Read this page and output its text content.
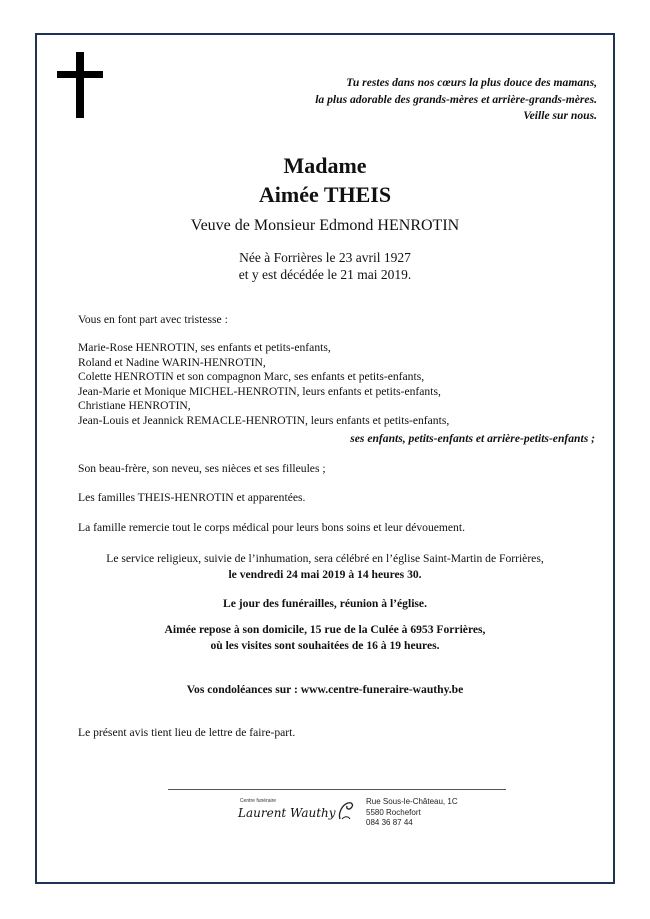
Tu restes dans nos cœurs la plus douce des mamans,
la plus adorable des grands-mères et arrière-grands-mères.
Veille sur nous.
Madame
Aimée THEIS
Veuve de Monsieur Edmond HENROTIN
Née à Forrières le 23 avril 1927
et y est décédée le 21 mai 2019.
Vous en font part avec tristesse :
Marie-Rose HENROTIN, ses enfants et petits-enfants,
Roland et Nadine WARIN-HENROTIN,
Colette HENROTIN et son compagnon Marc, ses enfants et petits-enfants,
Jean-Marie et Monique MICHEL-HENROTIN, leurs enfants et petits-enfants,
Christiane HENROTIN,
Jean-Louis et Jeannick REMACLE-HENROTIN, leurs enfants et petits-enfants,
ses enfants, petits-enfants et arrière-petits-enfants ;
Son beau-frère, son neveu, ses nièces et ses filleules ;
Les familles THEIS-HENROTIN et apparentées.
La famille remercie tout le corps médical pour leurs bons soins et leur dévouement.
Le service religieux, suivie de l’inhumation, sera célébré en l’église Saint-Martin de Forrières,
le vendredi 24 mai 2019 à 14 heures 30.
Le jour des funérailles, réunion à l’église.
Aimée repose à son domicile, 15 rue de la Culée à 6953 Forrières,
où les visites sont souhaitées de 16 à 19 heures.
Vos condoléances sur : www.centre-funeraire-wauthy.be
Le présent avis tient lieu de lettre de faire-part.
Centre funéraire
Laurent Wauthy
Rue Sous-le-Château, 1C
5580 Rochefort
084 36 87 44
